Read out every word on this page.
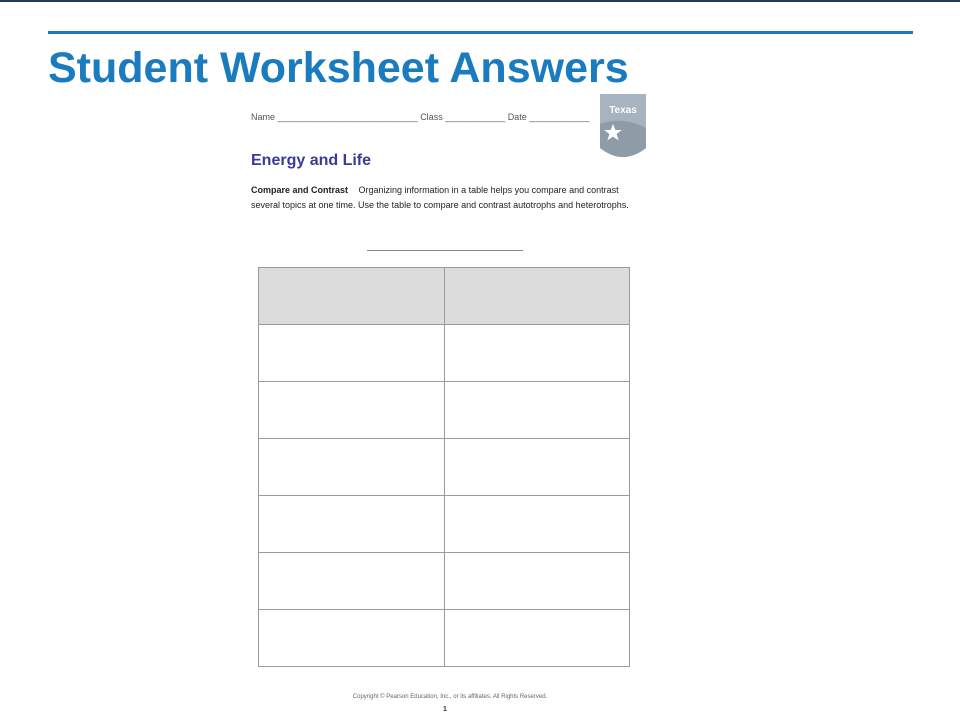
Student Worksheet Answers
Name ____________________________ Class ____________ Date ____________
Texas
Energy and Life
Compare and Contrast Organizing information in a table helps you compare and contrast several topics at one time. Use the table to compare and contrast autotrophs and heterotrophs.

Copyright © Pearson Education, Inc., or its affiliates. All Rights Reserved.
1
